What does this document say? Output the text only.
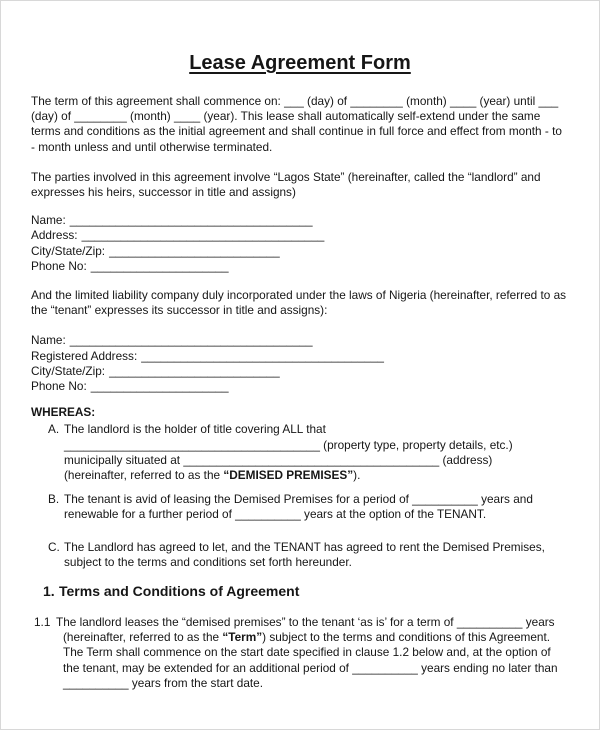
Lease Agreement Form

The term of this agreement shall commence on: ___ (day) of ________ (month) ____ (year) until ___ (day) of ________ (month) ____ (year). This lease shall automatically self-extend under the same terms and conditions as the initial agreement and shall continue in full force and effect from month - to - month unless and until otherwise terminated.

The parties involved in this agreement involve “Lagos State” (hereinafter, called the “landlord” and expresses his heirs, successor in title and assigns)

Name: _____________________________________
Address: _____________________________________
City/State/Zip: __________________________
Phone No: _____________________

And the limited liability company duly incorporated under the laws of Nigeria (hereinafter, referred to as the “tenant” expresses its successor in title and assigns):

Name: _____________________________________
Registered Address: _____________________________________
City/State/Zip: __________________________
Phone No: _____________________
WHEREAS:
A. The landlord is the holder of title covering ALL that
_______________________________________ (property type, property details, etc.)
municipally situated at _______________________________________ (address)
(hereinafter, referred to as the “DEMISED PREMISES”).
B. The tenant is avid of leasing the Demised Premises for a period of __________ years and renewable for a further period of __________ years at the option of the TENANT.
C. The Landlord has agreed to let, and the TENANT has agreed to rent the Demised Premises, subject to the terms and conditions set forth hereunder.
1. Terms and Conditions of Agreement
1.1 The landlord leases the “demised premises” to the tenant ‘as is’ for a term of __________ years (hereinafter, referred to as the “Term”) subject to the terms and conditions of this Agreement. The Term shall commence on the start date specified in clause 1.2 below and, at the option of the tenant, may be extended for an additional period of __________ years ending no later than __________ years from the start date.
